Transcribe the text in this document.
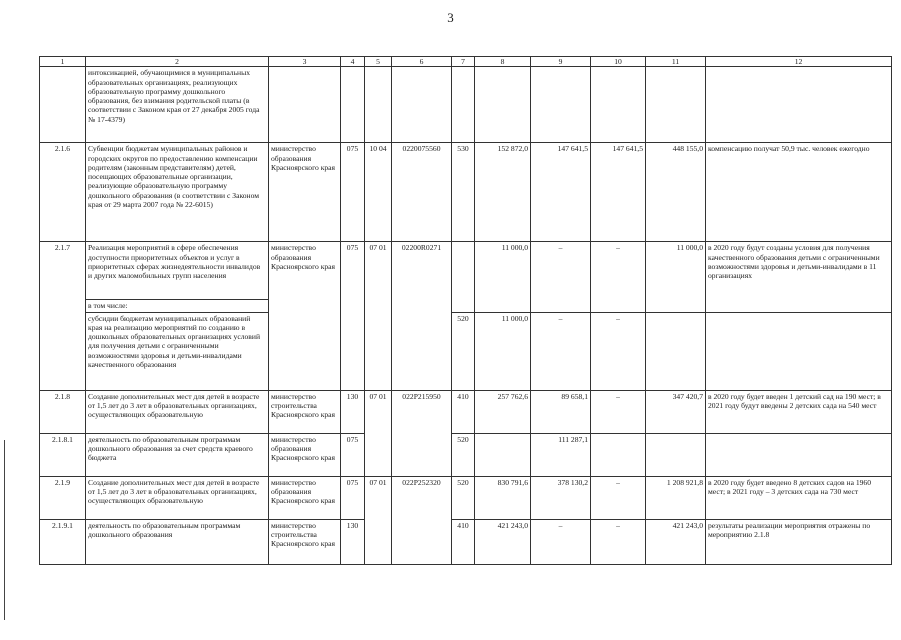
3
1	2	3	4	5	6	7	8	9	10	11	12
	интоксикацией, обучающимися в муниципальных образовательных организациях, реализующих образовательную программу дошкольного образования, без взимания родительской платы (в соответствии с Законом края от 27 декабря 2005 года № 17-4379)										
2.1.6	Субвенции бюджетам муниципальных районов и городских округов по предоставлению компенсации родителям (законным представителям) детей, посещающих образовательные организации, реализующие образовательную программу дошкольного образования (в соответствии с Законом края от 29 марта 2007 года № 22-6015)	министерство образования Красноярского края	075	10 04	0220075560	530	152 872,0	147 641,5	147 641,5	448 155,0	компенсацию получат 50,9 тыс. человек ежегодно
2.1.7	Реализация мероприятий в сфере обеспечения доступности приоритетных объектов и услуг в приоритетных сферах жизнедеятельности инвалидов и других маломобильных групп населения	министерство образования Красноярского края	075	07 01	02200R0271		11 000,0	–	–	11 000,0	в 2020 году будут созданы условия для получения качественного образования детьми с ограниченными возможностями здоровья и детьми-инвалидами в 11 организациях
	в том числе:										
	субсидии бюджетам муниципальных образований края на реализацию мероприятий по созданию в дошкольных образовательных организациях условий для получения детьми с ограниченными возможностями здоровья и детьми-инвалидами качественного образования					520	11 000,0	–	–		
2.1.8	Создание дополнительных мест для детей в возрасте от 1,5 лет до 3 лет в образовательных организациях, осуществляющих образовательную	министерство строительства Красноярского края	130	07 01	022P215950	410	257 762,6	89 658,1	–	347 420,7	в 2020 году будет введен 1 детский сад на 190 мест; в 2021 году будут введены 2 детских сада на 540 мест
2.1.8.1	деятельность по образовательным программам дошкольного образования за счет средств краевого бюджета	министерство образования Красноярского края	075			520		111 287,1			
2.1.9	Создание дополнительных мест для детей в возрасте от 1,5 лет до 3 лет в образовательных организациях, осуществляющих образовательную	министерство образования Красноярского края	075	07 01	022P252320	520	830 791,6	378 130,2	–	1 208 921,8	в 2020 году будет введено 8 детских садов на 1960 мест; в 2021 году – 3 детских сада на 730 мест
2.1.9.1	деятельность по образовательным программам дошкольного образования	министерство строительства Красноярского края	130			410	421 243,0	–	–	421 243,0	результаты реализации мероприятия отражены по мероприятию 2.1.8
